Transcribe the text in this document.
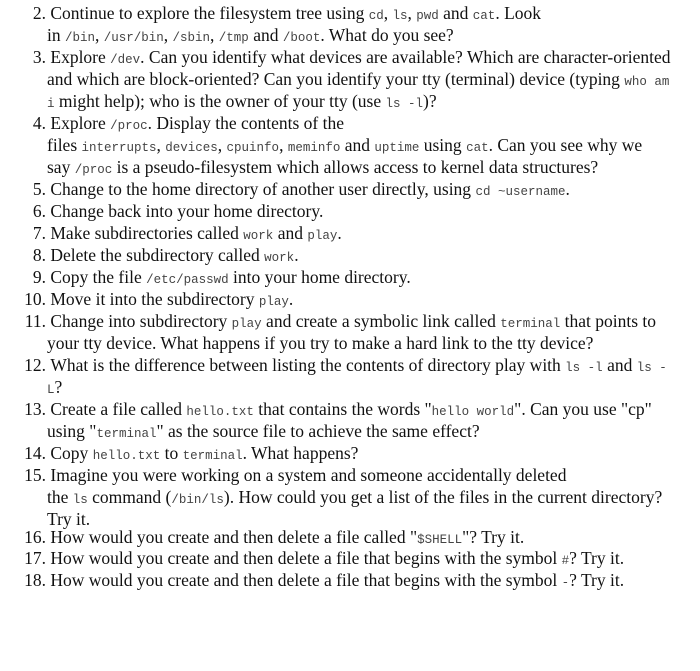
2. Continue to explore the filesystem tree using cd, ls, pwd and cat. Look
in /bin, /usr/bin, /sbin, /tmp and /boot. What do you see?
3. Explore /dev. Can you identify what devices are available? Which are character-oriented
and which are block-oriented? Can you identify your tty (terminal) device (typing who am
i might help); who is the owner of your tty (use ls -l)?
4. Explore /proc. Display the contents of the
files interrupts, devices, cpuinfo, meminfo and uptime using cat. Can you see why we
say /proc is a pseudo-filesystem which allows access to kernel data structures?
5. Change to the home directory of another user directly, using cd ~username.
6. Change back into your home directory.
7. Make subdirectories called work and play.
8. Delete the subdirectory called work.
9. Copy the file /etc/passwd into your home directory.
10. Move it into the subdirectory play.
11. Change into subdirectory play and create a symbolic link called terminal that points to
your tty device. What happens if you try to make a hard link to the tty device?
12. What is the difference between listing the contents of directory play with ls -l and ls -
L?
13. Create a file called hello.txt that contains the words "hello world". Can you use "cp"
using "terminal" as the source file to achieve the same effect?
14. Copy hello.txt to terminal. What happens?
15. Imagine you were working on a system and someone accidentally deleted
the ls command (/bin/ls). How could you get a list of the files in the current directory?
Try it.
16. How would you create and then delete a file called "$SHELL"? Try it.
17. How would you create and then delete a file that begins with the symbol #? Try it.
18. How would you create and then delete a file that begins with the symbol -? Try it.
